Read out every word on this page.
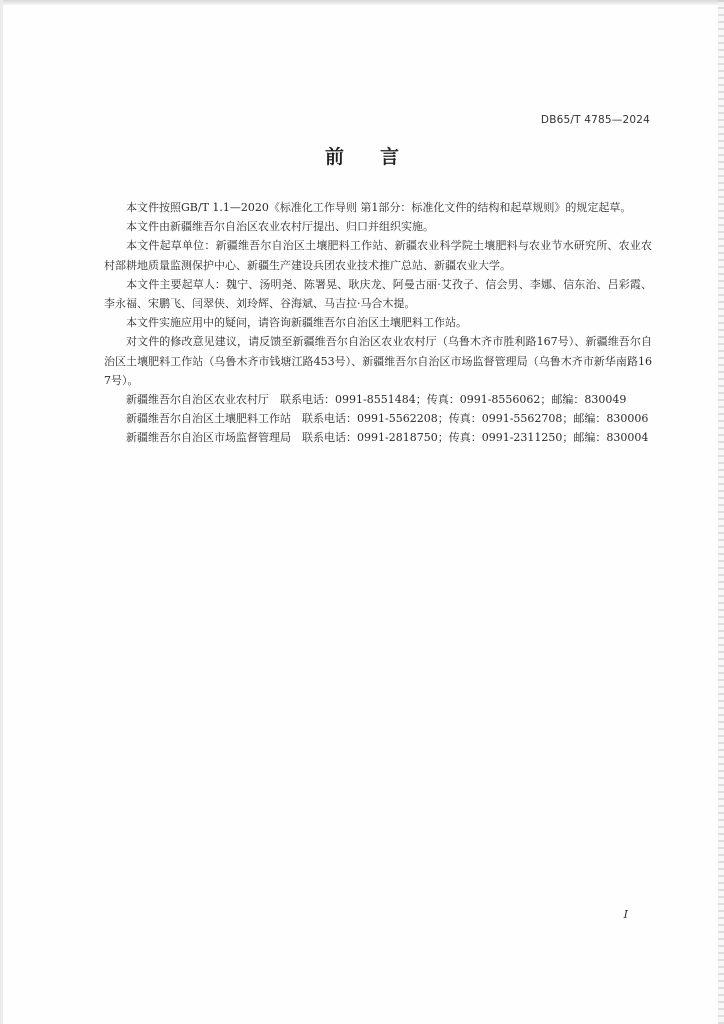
DB65/T 4785—2024
前言

本文件按照GB/T 1.1—2020《标准化工作导则 第1部分：标准化文件的结构和起草规则》的规定起草。

本文件由新疆维吾尔自治区农业农村厅提出、归口并组织实施。

本文件起草单位：新疆维吾尔自治区土壤肥料工作站、新疆农业科学院土壤肥料与农业节水研究所、农业农村部耕地质量监测保护中心、新疆生产建设兵团农业技术推广总站、新疆农业大学。

本文件主要起草人：魏宁、汤明尧、陈署晃、耿庆龙、阿曼古丽·艾孜子、信会男、李娜、信东治、吕彩霞、李永福、宋鹏飞、闫翠侠、刘玲辉、谷海斌、马吉拉·马合木提。

本文件实施应用中的疑问，请咨询新疆维吾尔自治区土壤肥料工作站。

对文件的修改意见建议，请反馈至新疆维吾尔自治区农业农村厅（乌鲁木齐市胜利路167号）、新疆维吾尔自治区土壤肥料工作站（乌鲁木齐市钱塘江路453号）、新疆维吾尔自治区市场监督管理局（乌鲁木齐市新华南路167号）。

新疆维吾尔自治区农业农村厅　联系电话：0991-8551484；传真：0991-8556062；邮编：830049

新疆维吾尔自治区土壤肥料工作站　联系电话：0991-5562208；传真：0991-5562708；邮编：830006

新疆维吾尔自治区市场监督管理局　联系电话：0991-2818750；传真：0991-2311250；邮编：830004

I
